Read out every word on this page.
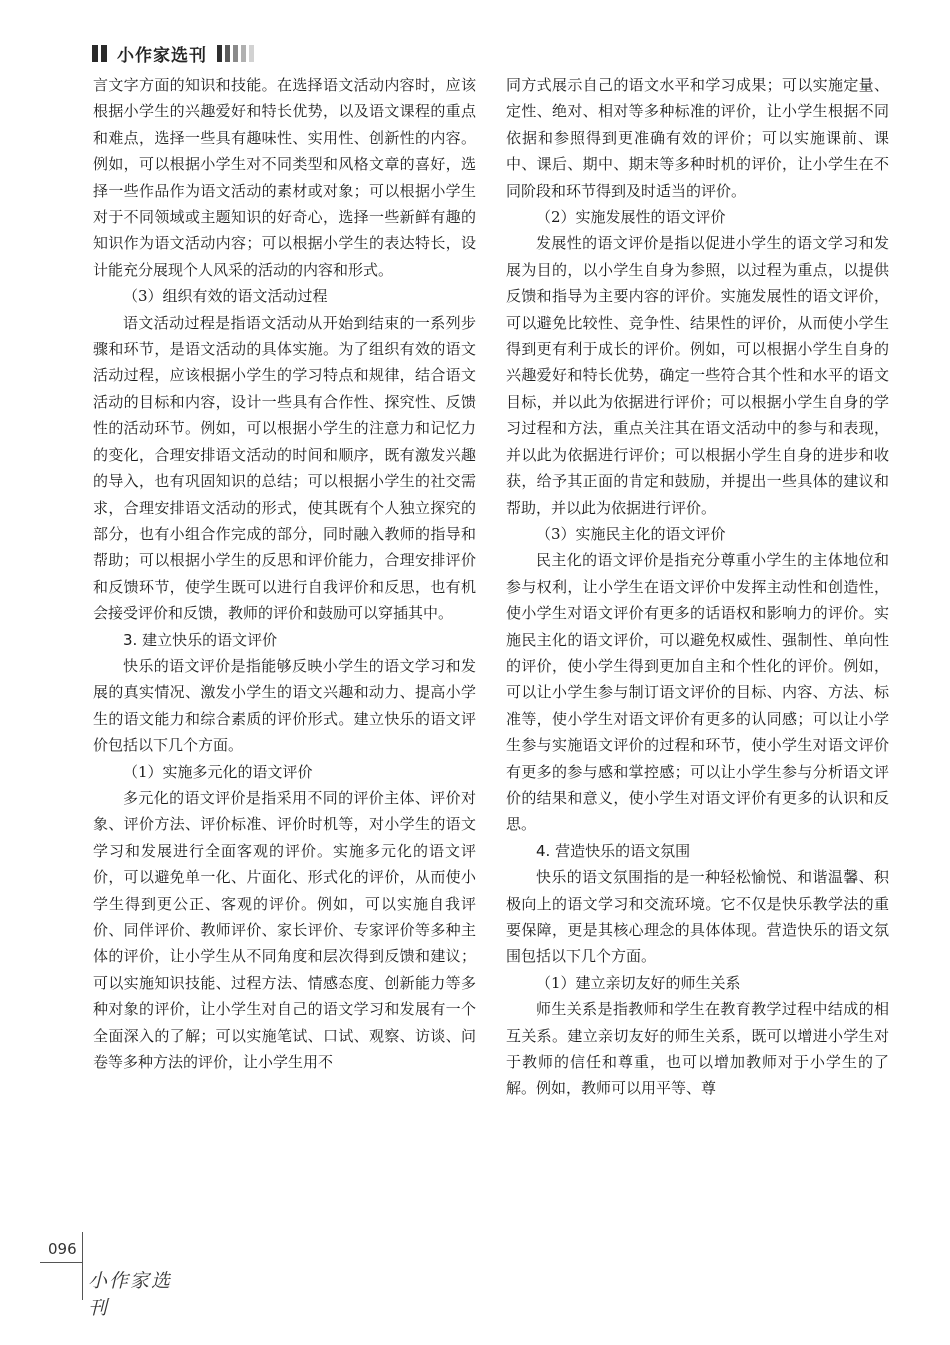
小作家选刊

言文字方面的知识和技能。在选择语文活动内容时，应该根据小学生的兴趣爱好和特长优势，以及语文课程的重点和难点，选择一些具有趣味性、实用性、创新性的内容。例如，可以根据小学生对不同类型和风格文章的喜好，选择一些作品作为语文活动的素材或对象；可以根据小学生对于不同领域或主题知识的好奇心，选择一些新鲜有趣的知识作为语文活动内容；可以根据小学生的表达特长，设计能充分展现个人风采的活动的内容和形式。

（3）组织有效的语文活动过程

语文活动过程是指语文活动从开始到结束的一系列步骤和环节，是语文活动的具体实施。为了组织有效的语文活动过程，应该根据小学生的学习特点和规律，结合语文活动的目标和内容，设计一些具有合作性、探究性、反馈性的活动环节。例如，可以根据小学生的注意力和记忆力的变化，合理安排语文活动的时间和顺序，既有激发兴趣的导入，也有巩固知识的总结；可以根据小学生的社交需求，合理安排语文活动的形式，使其既有个人独立探究的部分，也有小组合作完成的部分，同时融入教师的指导和帮助；可以根据小学生的反思和评价能力，合理安排评价和反馈环节，使学生既可以进行自我评价和反思，也有机会接受评价和反馈，教师的评价和鼓励可以穿插其中。

3. 建立快乐的语文评价

快乐的语文评价是指能够反映小学生的语文学习和发展的真实情况、激发小学生的语文兴趣和动力、提高小学生的语文能力和综合素质的评价形式。建立快乐的语文评价包括以下几个方面。

（1）实施多元化的语文评价

多元化的语文评价是指采用不同的评价主体、评价对象、评价方法、评价标准、评价时机等，对小学生的语文学习和发展进行全面客观的评价。实施多元化的语文评价，可以避免单一化、片面化、形式化的评价，从而使小学生得到更公正、客观的评价。例如，可以实施自我评价、同伴评价、教师评价、家长评价、专家评价等多种主体的评价，让小学生从不同角度和层次得到反馈和建议；可以实施知识技能、过程方法、情感态度、创新能力等多种对象的评价，让小学生对自己的语文学习和发展有一个全面深入的了解；可以实施笔试、口试、观察、访谈、问卷等多种方法的评价，让小学生用不

同方式展示自己的语文水平和学习成果；可以实施定量、定性、绝对、相对等多种标准的评价，让小学生根据不同依据和参照得到更准确有效的评价；可以实施课前、课中、课后、期中、期末等多种时机的评价，让小学生在不同阶段和环节得到及时适当的评价。

（2）实施发展性的语文评价

发展性的语文评价是指以促进小学生的语文学习和发展为目的，以小学生自身为参照，以过程为重点，以提供反馈和指导为主要内容的评价。实施发展性的语文评价，可以避免比较性、竞争性、结果性的评价，从而使小学生得到更有利于成长的评价。例如，可以根据小学生自身的兴趣爱好和特长优势，确定一些符合其个性和水平的语文目标，并以此为依据进行评价；可以根据小学生自身的学习过程和方法，重点关注其在语文活动中的参与和表现，并以此为依据进行评价；可以根据小学生自身的进步和收获，给予其正面的肯定和鼓励，并提出一些具体的建议和帮助，并以此为依据进行评价。

（3）实施民主化的语文评价

民主化的语文评价是指充分尊重小学生的主体地位和参与权利，让小学生在语文评价中发挥主动性和创造性，使小学生对语文评价有更多的话语权和影响力的评价。实施民主化的语文评价，可以避免权威性、强制性、单向性的评价，使小学生得到更加自主和个性化的评价。例如，可以让小学生参与制订语文评价的目标、内容、方法、标准等，使小学生对语文评价有更多的认同感；可以让小学生参与实施语文评价的过程和环节，使小学生对语文评价有更多的参与感和掌控感；可以让小学生参与分析语文评价的结果和意义，使小学生对语文评价有更多的认识和反思。

4. 营造快乐的语文氛围

快乐的语文氛围指的是一种轻松愉悦、和谐温馨、积极向上的语文学习和交流环境。它不仅是快乐教学法的重要保障，更是其核心理念的具体体现。营造快乐的语文氛围包括以下几个方面。

（1）建立亲切友好的师生关系

师生关系是指教师和学生在教育教学过程中结成的相互关系。建立亲切友好的师生关系，既可以增进小学生对于教师的信任和尊重，也可以增加教师对于小学生的了解。例如，教师可以用平等、尊

096
小作家选刊
